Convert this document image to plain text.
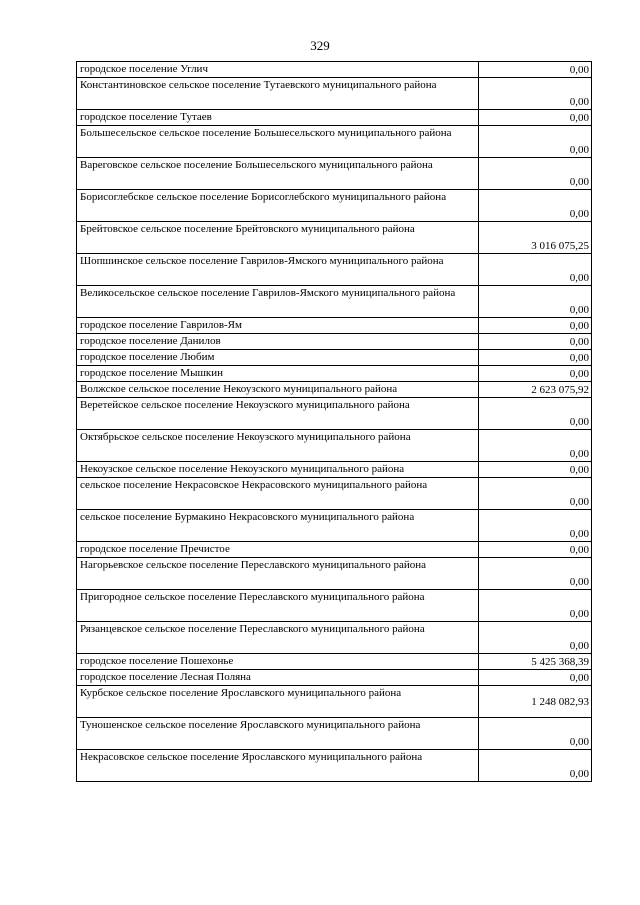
329
городское поселение Углич	0,00
Константиновское сельское поселение Тутаевского муниципального района	0,00
городское поселение Тутаев	0,00
Большесельское сельское поселение Большесельского муниципального района	0,00
Вареговское сельское поселение Большесельского муниципального района	0,00
Борисоглебское сельское поселение Борисоглебского муниципального района	0,00
Брейтовское сельское поселение Брейтовского муниципального района	3 016 075,25
Шопшинское сельское поселение Гаврилов-Ямского муниципального района	0,00
Великосельское сельское поселение Гаврилов-Ямского муниципального района	0,00
городское поселение Гаврилов-Ям	0,00
городское поселение Данилов	0,00
городское поселение Любим	0,00
городское поселение Мышкин	0,00
Волжское сельское поселение Некоузского муниципального района	2 623 075,92
Веретейское сельское поселение Некоузского муниципального района	0,00
Октябрьское сельское поселение Некоузского муниципального района	0,00
Некоузское сельское поселение Некоузского муниципального района	0,00
сельское поселение Некрасовское Некрасовского муниципального района	0,00
сельское поселение Бурмакино Некрасовского муниципального района	0,00
городское поселение Пречистое	0,00
Нагорьевское сельское поселение Переславского муниципального района	0,00
Пригородное сельское поселение Переславского муниципального района	0,00
Рязанцевское сельское поселение Переславского муниципального района	0,00
городское поселение Пошехонье	5 425 368,39
городское поселение Лесная Поляна	0,00
Курбское сельское поселение Ярославского муниципального района	1 248 082,93
Туношенское сельское поселение Ярославского муниципального района	0,00
Некрасовское сельское поселение Ярославского муниципального района	0,00
